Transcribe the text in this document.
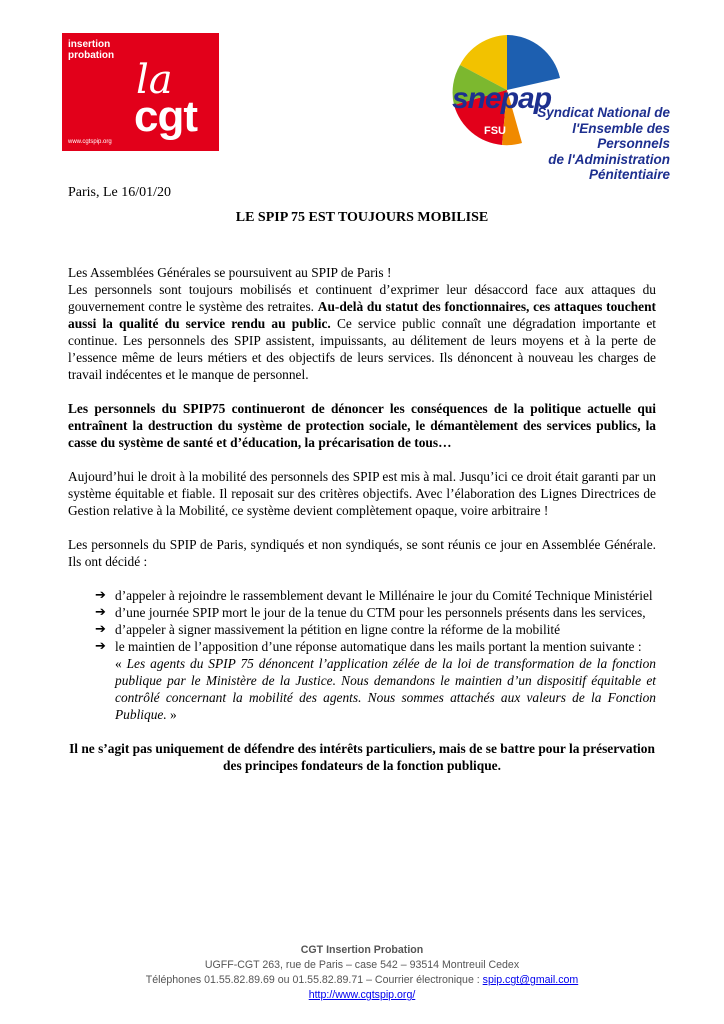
insertion
probation
la
cgt
www.cgtspip.org
snepap
FSU
Syndicat National de
l'Ensemble des Personnels
de l'Administration Pénitentiaire
Paris, Le 16/01/20
LE SPIP 75 EST TOUJOURS MOBILISE

Les Assemblées Générales se poursuivent au SPIP de Paris !

Les personnels sont toujours mobilisés et continuent d’exprimer leur désaccord face aux attaques du gouvernement contre le système des retraites. Au-delà du statut des fonctionnaires, ces attaques touchent aussi la qualité du service rendu au public. Ce service public connaît une dégradation importante et continue. Les personnels des SPIP assistent, impuissants, au délitement de leurs moyens et à la perte de l’essence même de leurs métiers et des objectifs de leurs services. Ils dénoncent à nouveau les charges de travail indécentes et le manque de personnel.

Les personnels du SPIP75 continueront de dénoncer les conséquences de la politique actuelle qui entraînent la destruction du système de protection sociale, le démantèlement des services publics, la casse du système de santé et d’éducation, la précarisation de tous…

Aujourd’hui le droit à la mobilité des personnels des SPIP est mis à mal. Jusqu’ici ce droit était garanti par un système équitable et fiable. Il reposait sur des critères objectifs. Avec l’élaboration des Lignes Directrices de Gestion relative à la Mobilité, ce système devient complètement opaque, voire arbitraire !

Les personnels du SPIP de Paris, syndiqués et non syndiqués, se sont réunis ce jour en Assemblée Générale. Ils ont décidé :

➔ d’appeler à rejoindre le rassemblement devant le Millénaire le jour du Comité Technique Ministériel
➔ d’une journée SPIP mort le jour de la tenue du CTM pour les personnels présents dans les services,
➔ d’appeler à signer massivement la pétition en ligne contre la réforme de la mobilité
➔ le maintien de l’apposition d’une réponse automatique dans les mails portant la mention suivante :
« Les agents du SPIP 75 dénoncent l’application zélée de la loi de transformation de la fonction publique par le Ministère de la Justice. Nous demandons le maintien d’un dispositif équitable et contrôlé concernant la mobilité des agents. Nous sommes attachés aux valeurs de la Fonction Publique. »
Il ne s’agit pas uniquement de défendre des intérêts particuliers, mais de se battre pour la préservation des principes fondateurs de la fonction publique.
CGT Insertion Probation
UGFF-CGT 263, rue de Paris – case 542 – 93514 Montreuil Cedex
Téléphones 01.55.82.89.69 ou 01.55.82.89.71 – Courrier électronique : spip.cgt@gmail.com
http://www.cgtspip.org/
